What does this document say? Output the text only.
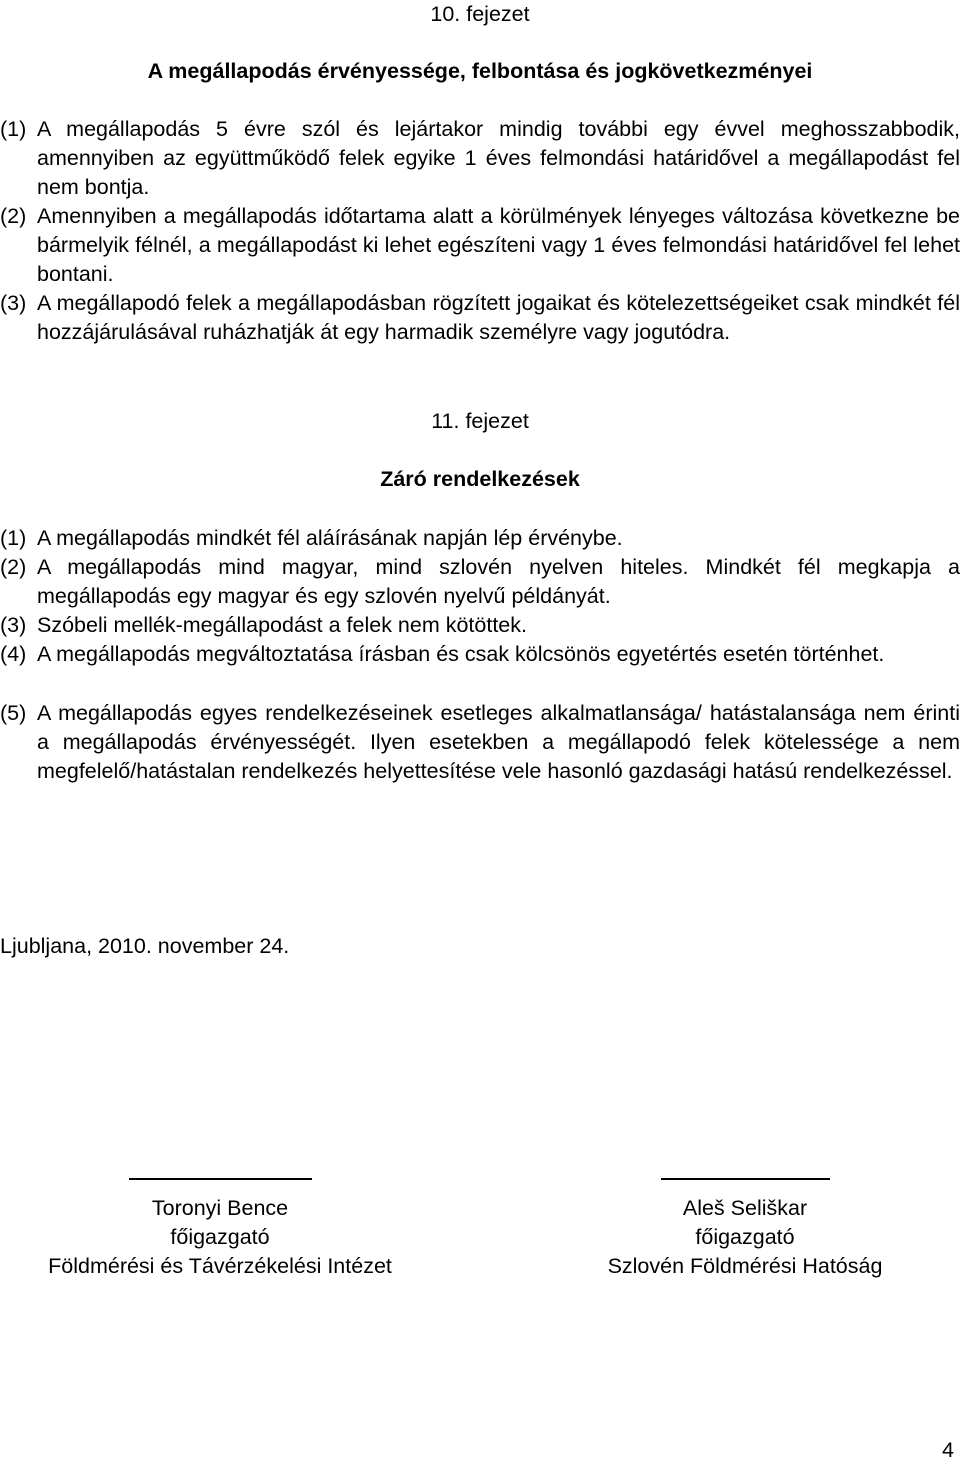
10. fejezet
A megállapodás érvényessége, felbontása és jogkövetkezményei
(1) A megállapodás 5 évre szól és lejártakor mindig további egy évvel meghosszabbodik, amennyiben az együttműködő felek egyike 1 éves felmondási határidővel a megállapodást fel nem bontja.
(2) Amennyiben a megállapodás időtartama alatt a körülmények lényeges változása következne be bármelyik félnél, a megállapodást ki lehet egészíteni vagy 1 éves felmondási határidővel fel lehet bontani.
(3) A megállapodó felek a megállapodásban rögzített jogaikat és kötelezettségeiket csak mindkét fél hozzájárulásával ruházhatják át egy harmadik személyre vagy jogutódra.
11. fejezet
Záró rendelkezések
(1) A megállapodás mindkét fél aláírásának napján lép érvénybe.
(2) A megállapodás mind magyar, mind szlovén nyelven hiteles. Mindkét fél megkapja a megállapodás egy magyar és egy szlovén nyelvű példányát.
(3) Szóbeli mellék-megállapodást a felek nem kötöttek.
(4) A megállapodás megváltoztatása írásban és csak kölcsönös egyetértés esetén történhet.
(5) A megállapodás egyes rendelkezéseinek esetleges alkalmatlansága/ hatástalansága nem érinti a megállapodás érvényességét. Ilyen esetekben a megállapodó felek kötelessége a nem megfelelő/hatástalan rendelkezés helyettesítése vele hasonló gazdasági hatású rendelkezéssel.
Ljubljana, 2010. november 24.
Toronyi Bence
főigazgató
Földmérési és Távérzékelési Intézet
Aleš Seliškar
főigazgató
Szlovén Földmérési Hatóság
4
